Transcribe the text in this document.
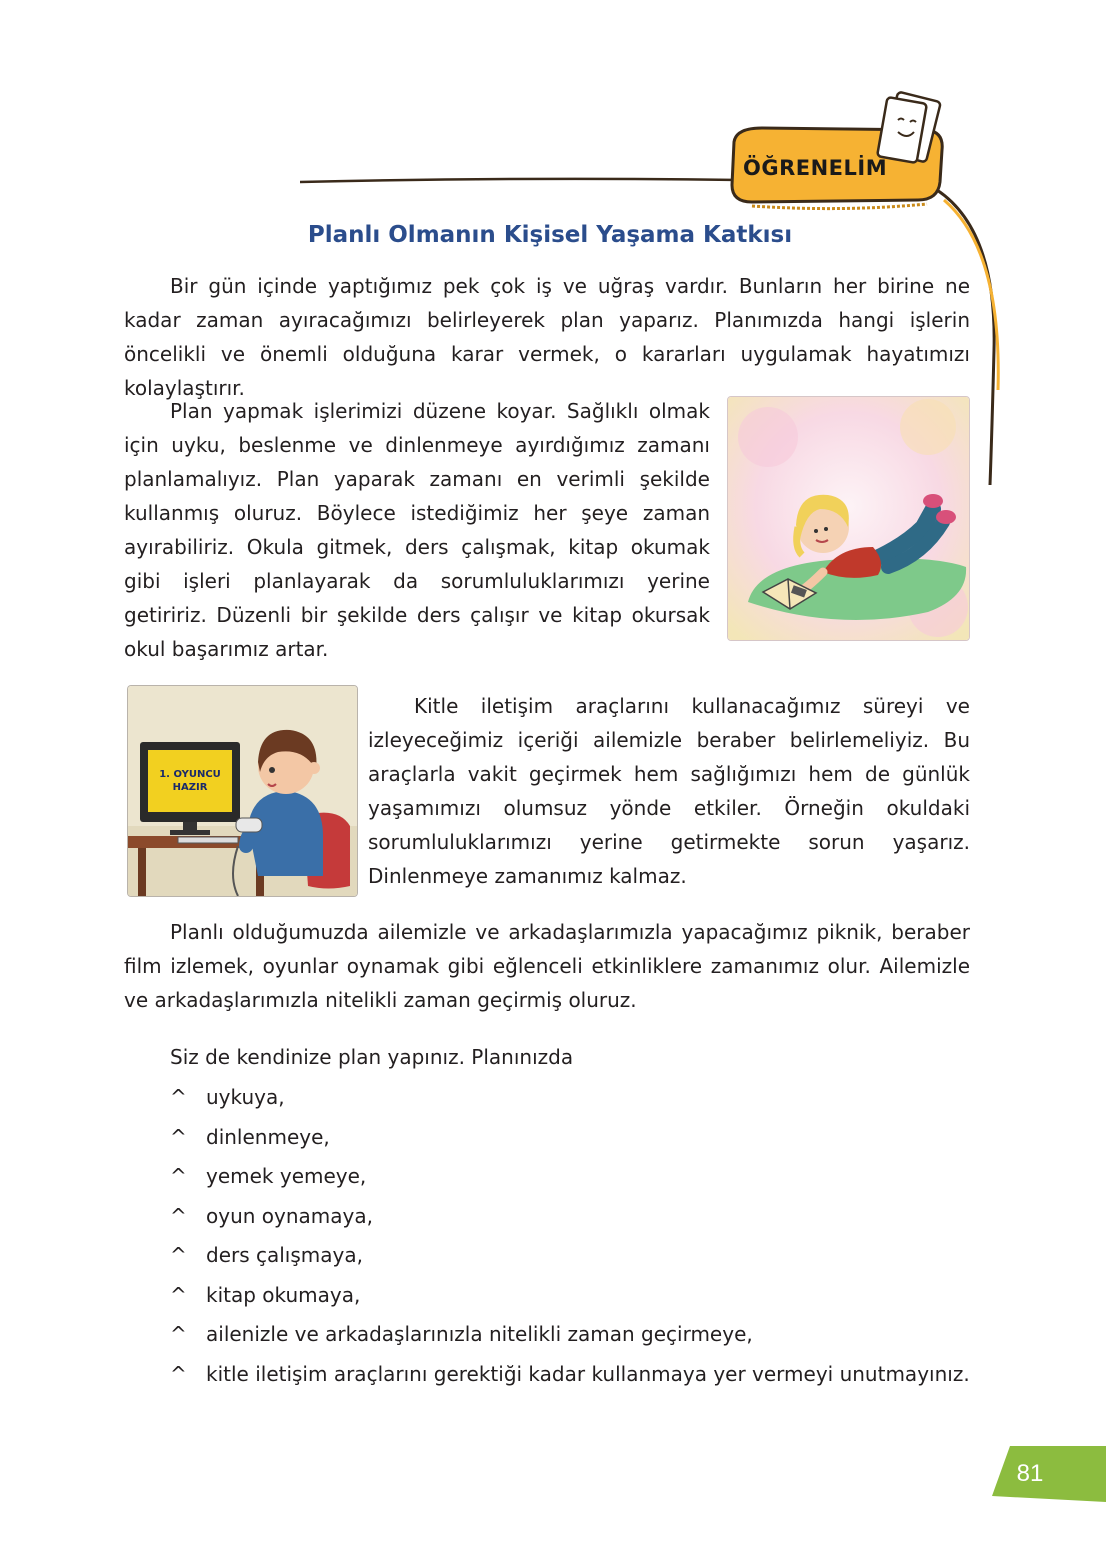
ÖĞRENELİM
Planlı Olmanın Kişisel Yaşama Katkısı

Bir gün içinde yaptığımız pek çok iş ve uğraş vardır. Bunların her birine ne kadar zaman ayıracağımızı belirleyerek plan yaparız. Planımızda hangi işlerin öncelikli ve önemli olduğuna karar vermek, o kararları uygulamak hayatımızı kolaylaştırır.

Plan yapmak işlerimizi düzene koyar. Sağlıklı olmak için uyku, beslenme ve dinlenmeye ayırdığımız zamanı planlamalıyız. Plan yaparak zamanı en verimli şekilde kullanmış oluruz. Böylece istediğimiz her şeye zaman ayırabiliriz. Okula gitmek, ders çalışmak, kitap okumak gibi işleri planlayarak da sorumluluklarımızı yerine getiririz. Düzenli bir şekilde ders çalışır ve kitap okursak okul başarımız artar.

Kitle iletişim araçlarını kullanacağımız süreyi ve izleyeceğimiz içeriği ailemizle beraber belirlemeliyiz. Bu araçlarla vakit geçirmek hem sağlığımızı hem de günlük yaşamımızı olumsuz yönde etkiler. Örneğin okuldaki sorumluluklarımızı yerine getirmekte sorun yaşarız. Dinlenmeye zamanımız kalmaz.

Planlı olduğumuzda ailemizle ve arkadaşlarımızla yapacağımız piknik, beraber film izlemek, oyunlar oynamak gibi eğlenceli etkinliklere zamanımız olur. Ailemizle ve arkadaşlarımızla nitelikli zaman geçirmiş oluruz.

1. OYUNCU
HAZIR

Siz de kendinize plan yapınız. Planınızda

^ uykuya,
^ dinlenmeye,
^ yemek yemeye,
^ oyun oynamaya,
^ ders çalışmaya,
^ kitap okumaya,
^ ailenizle ve arkadaşlarınızla nitelikli zaman geçirmeye,
^ kitle iletişim araçlarını gerektiği kadar kullanmaya yer vermeyi unutmayınız.
81
